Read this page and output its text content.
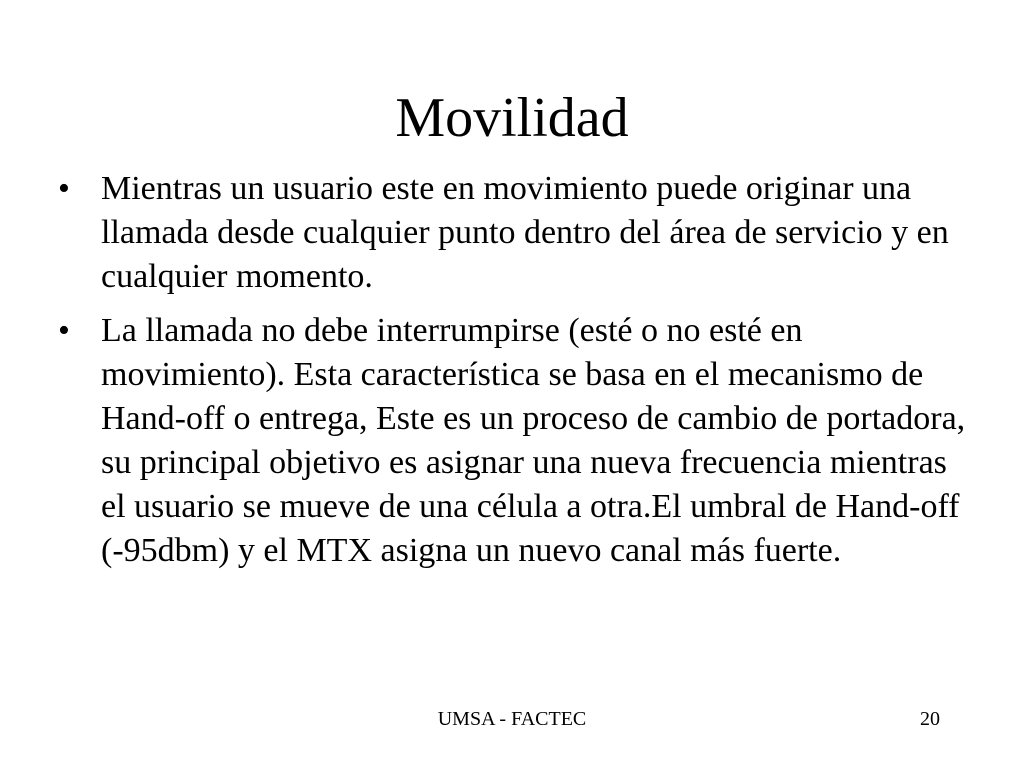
Movilidad
• Mientras un usuario este en movimiento puede originar una llamada desde cualquier punto dentro del área de servicio y en cualquier momento.
• La llamada no debe interrumpirse (esté o no esté en movimiento). Esta característica se basa en el mecanismo de Hand-off o entrega, Este es un proceso de cambio de portadora, su principal objetivo es asignar una nueva frecuencia mientras el usuario se mueve de una célula a otra.El umbral de Hand-off (-95dbm) y el MTX asigna un nuevo canal más fuerte.
UMSA - FACTEC	20
